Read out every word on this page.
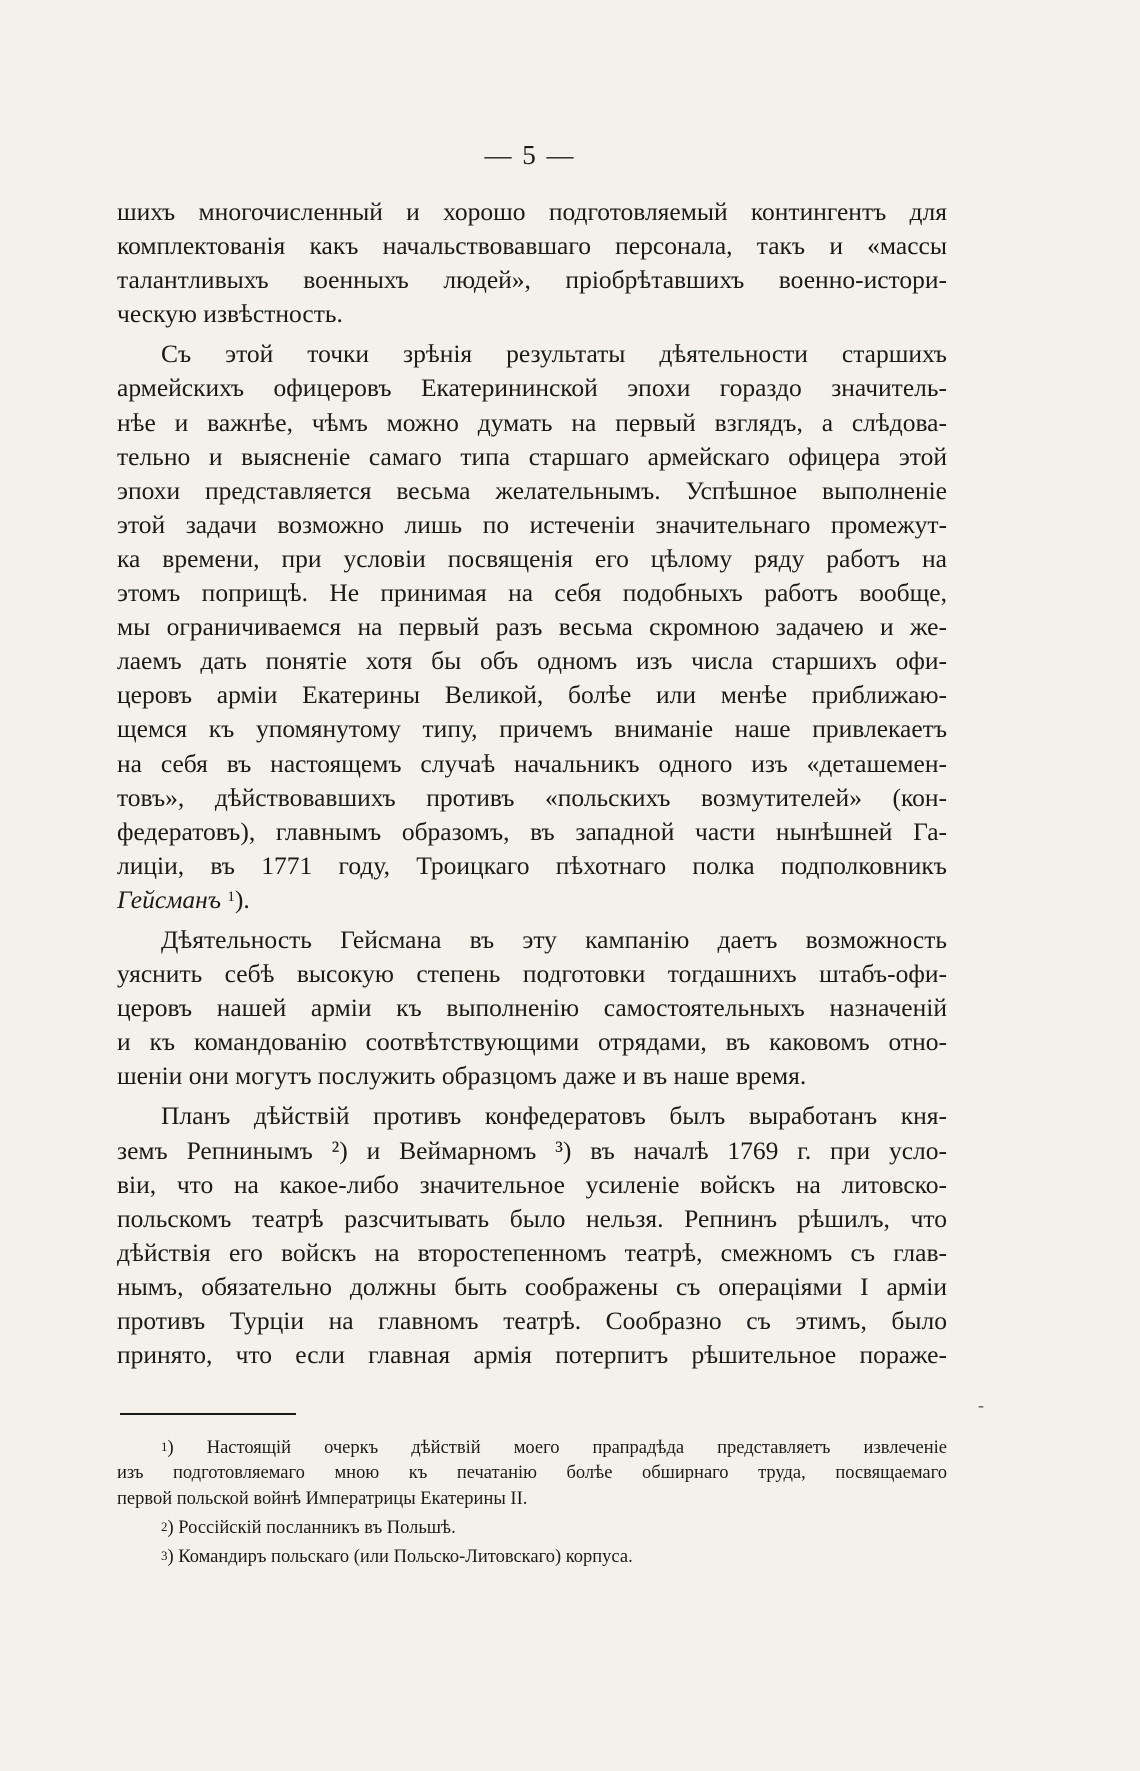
— 5 —
шихъ многочисленный и хорошо подготовляемый контингентъ для
комплектованія какъ начальствовавшаго персонала, такъ и «массы
талантливыхъ военныхъ людей», пріобрѣтавшихъ военно-истори-
ческую извѣстность.
Съ этой точки зрѣнія результаты дѣятельности старшихъ
армейскихъ офицеровъ Екатерининской эпохи гораздо значитель-
нѣе и важнѣе, чѣмъ можно думать на первый взглядъ, а слѣдова-
тельно и выясненіе самаго типа старшаго армейскаго офицера этой
эпохи представляется весьма желательнымъ. Успѣшное выполненіе
этой задачи возможно лишь по истеченіи значительнаго промежут-
ка времени, при условіи посвященія его цѣлому ряду работъ на
этомъ поприщѣ. Не принимая на себя подобныхъ работъ вообще,
мы ограничиваемся на первый разъ весьма скромною задачею и же-
лаемъ дать понятіе хотя бы объ одномъ изъ числа старшихъ офи-
церовъ арміи Екатерины Великой, болѣе или менѣе приближаю-
щемся къ упомянутому типу, причемъ вниманіе наше привлекаетъ
на себя въ настоящемъ случаѣ начальникъ одного изъ «деташемен-
товъ», дѣйствовавшихъ противъ «польскихъ возмутителей» (кон-
федератовъ), главнымъ образомъ, въ западной части нынѣшней Га-
лиціи, въ 1771 году, Троицкаго пѣхотнаго полка подполковникъ
Гейсманъ $^1$).
Дѣятельность Гейсмана въ эту кампанію даетъ возможность
уяснить себѣ высокую степень подготовки тогдашнихъ штабъ-офи-
церовъ нашей арміи къ выполненію самостоятельныхъ назначеній
и къ командованію соотвѣтствующими отрядами, въ каковомъ отно-
шеніи они могутъ послужить образцомъ даже и въ наше время.
Планъ дѣйствій противъ конфедератовъ былъ выработанъ кня-
земъ Репнинымъ ²) и Веймарномъ ³) въ началѣ 1769 г. при усло-
віи, что на какое-либо значительное усиленіе войскъ на литовско-
польскомъ театрѣ разсчитывать было нельзя. Репнинъ рѣшилъ, что
дѣйствія его войскъ на второстепенномъ театрѣ, смежномъ съ глав-
нымъ, обязательно должны быть соображены съ операціями I арміи
противъ Турціи на главномъ театрѣ. Сообразно съ этимъ, было
принято, что если главная армія потерпитъ рѣшительное пораже-
-
$^1$) Настоящій очеркъ дѣйствій моего прапрадѣда представляетъ извлеченіе
изъ подготовляемаго мною къ печатанію болѣе обширнаго труда, посвящаемаго
первой польской войнѣ Императрицы Екатерины II.
$^2$) Россійскій посланникъ въ Польшѣ.
$^3$) Командиръ польскаго (или Польско-Литовскаго) корпуса.
